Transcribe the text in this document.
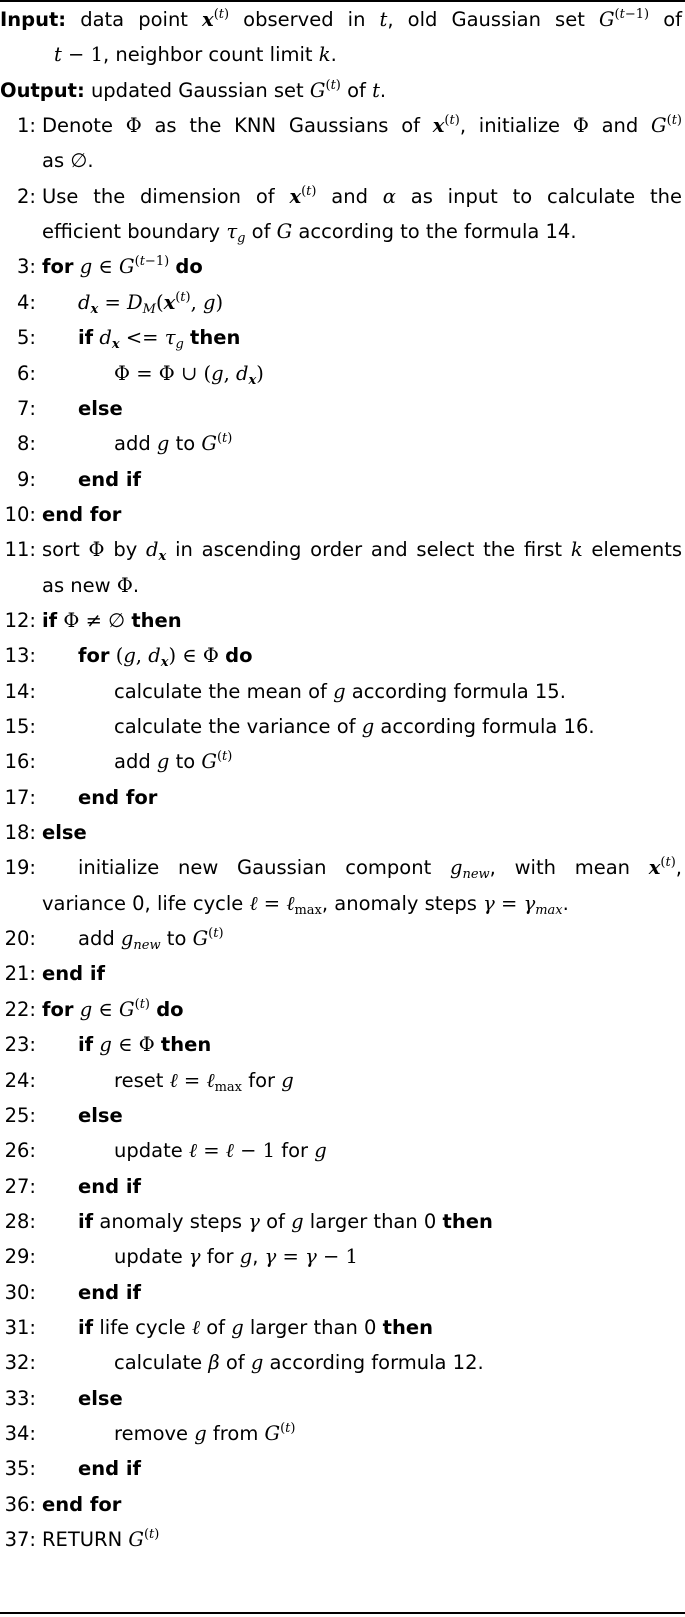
Input: data point $x^{(t)}$ observed in t, old Gaussian set $G^{(t-1)}$ of
t − 1, neighbor count limit k.
Output: updated Gaussian set $G^{(t)}$ of t.
1: Denote Φ as the KNN Gaussians of $x^{(t)}$, initialize Φ and $G^{(t)}$
as ∅.
2: Use the dimension of $x^{(t)}$ and α as input to calculate the
efficient boundary $\tau_g$ of G according to the formula 14.
3: for g ∈ $G^{(t-1)}$ do
4: $d_x = D_M(x^{(t)}$, g)
5: if $d_x <= \tau_g$ then
6:	Φ = Φ ∪ (g, $d_x$)
7: else
8:	add g to $G^{(t)}$
9: end if
10: end for
11: sort Φ by $d_x$ in ascending order and select the first k elements
as new Φ.
12: if Φ ≠ ∅ then
13: for (g, $d_x$) ∈ Φ do
14:	calculate the mean of g according formula 15.
15:	calculate the variance of g according formula 16.
16:	add g to $G^{(t)}$
17: end for
18: else
19: initialize new Gaussian compont $g_{new}$, with mean $x^{(t)}$,
variance 0, life cycle ℓ = ℓ$_{max}$, anomaly steps $\gamma = \gamma_{max}$.
20: add $g_{new}$ to $G^{(t)}$
21: end if
22: for g ∈ $G^{(t)}$ do
23: if g ∈ Φ then
24:	reset ℓ = ℓ$_{max}$ for g
25: else
26:	update ℓ = ℓ − 1 for g
27: end if
28: if anomaly steps γ of g larger than 0 then
29:	update γ for g, γ = γ − 1
30: end if
31: if life cycle ℓ of g larger than 0 then
32:	calculate β of g according formula 12.
33: else
34:	remove g from $G^{(t)}$
35: end if
36: end for
37: RETURN $G^{(t)}$
